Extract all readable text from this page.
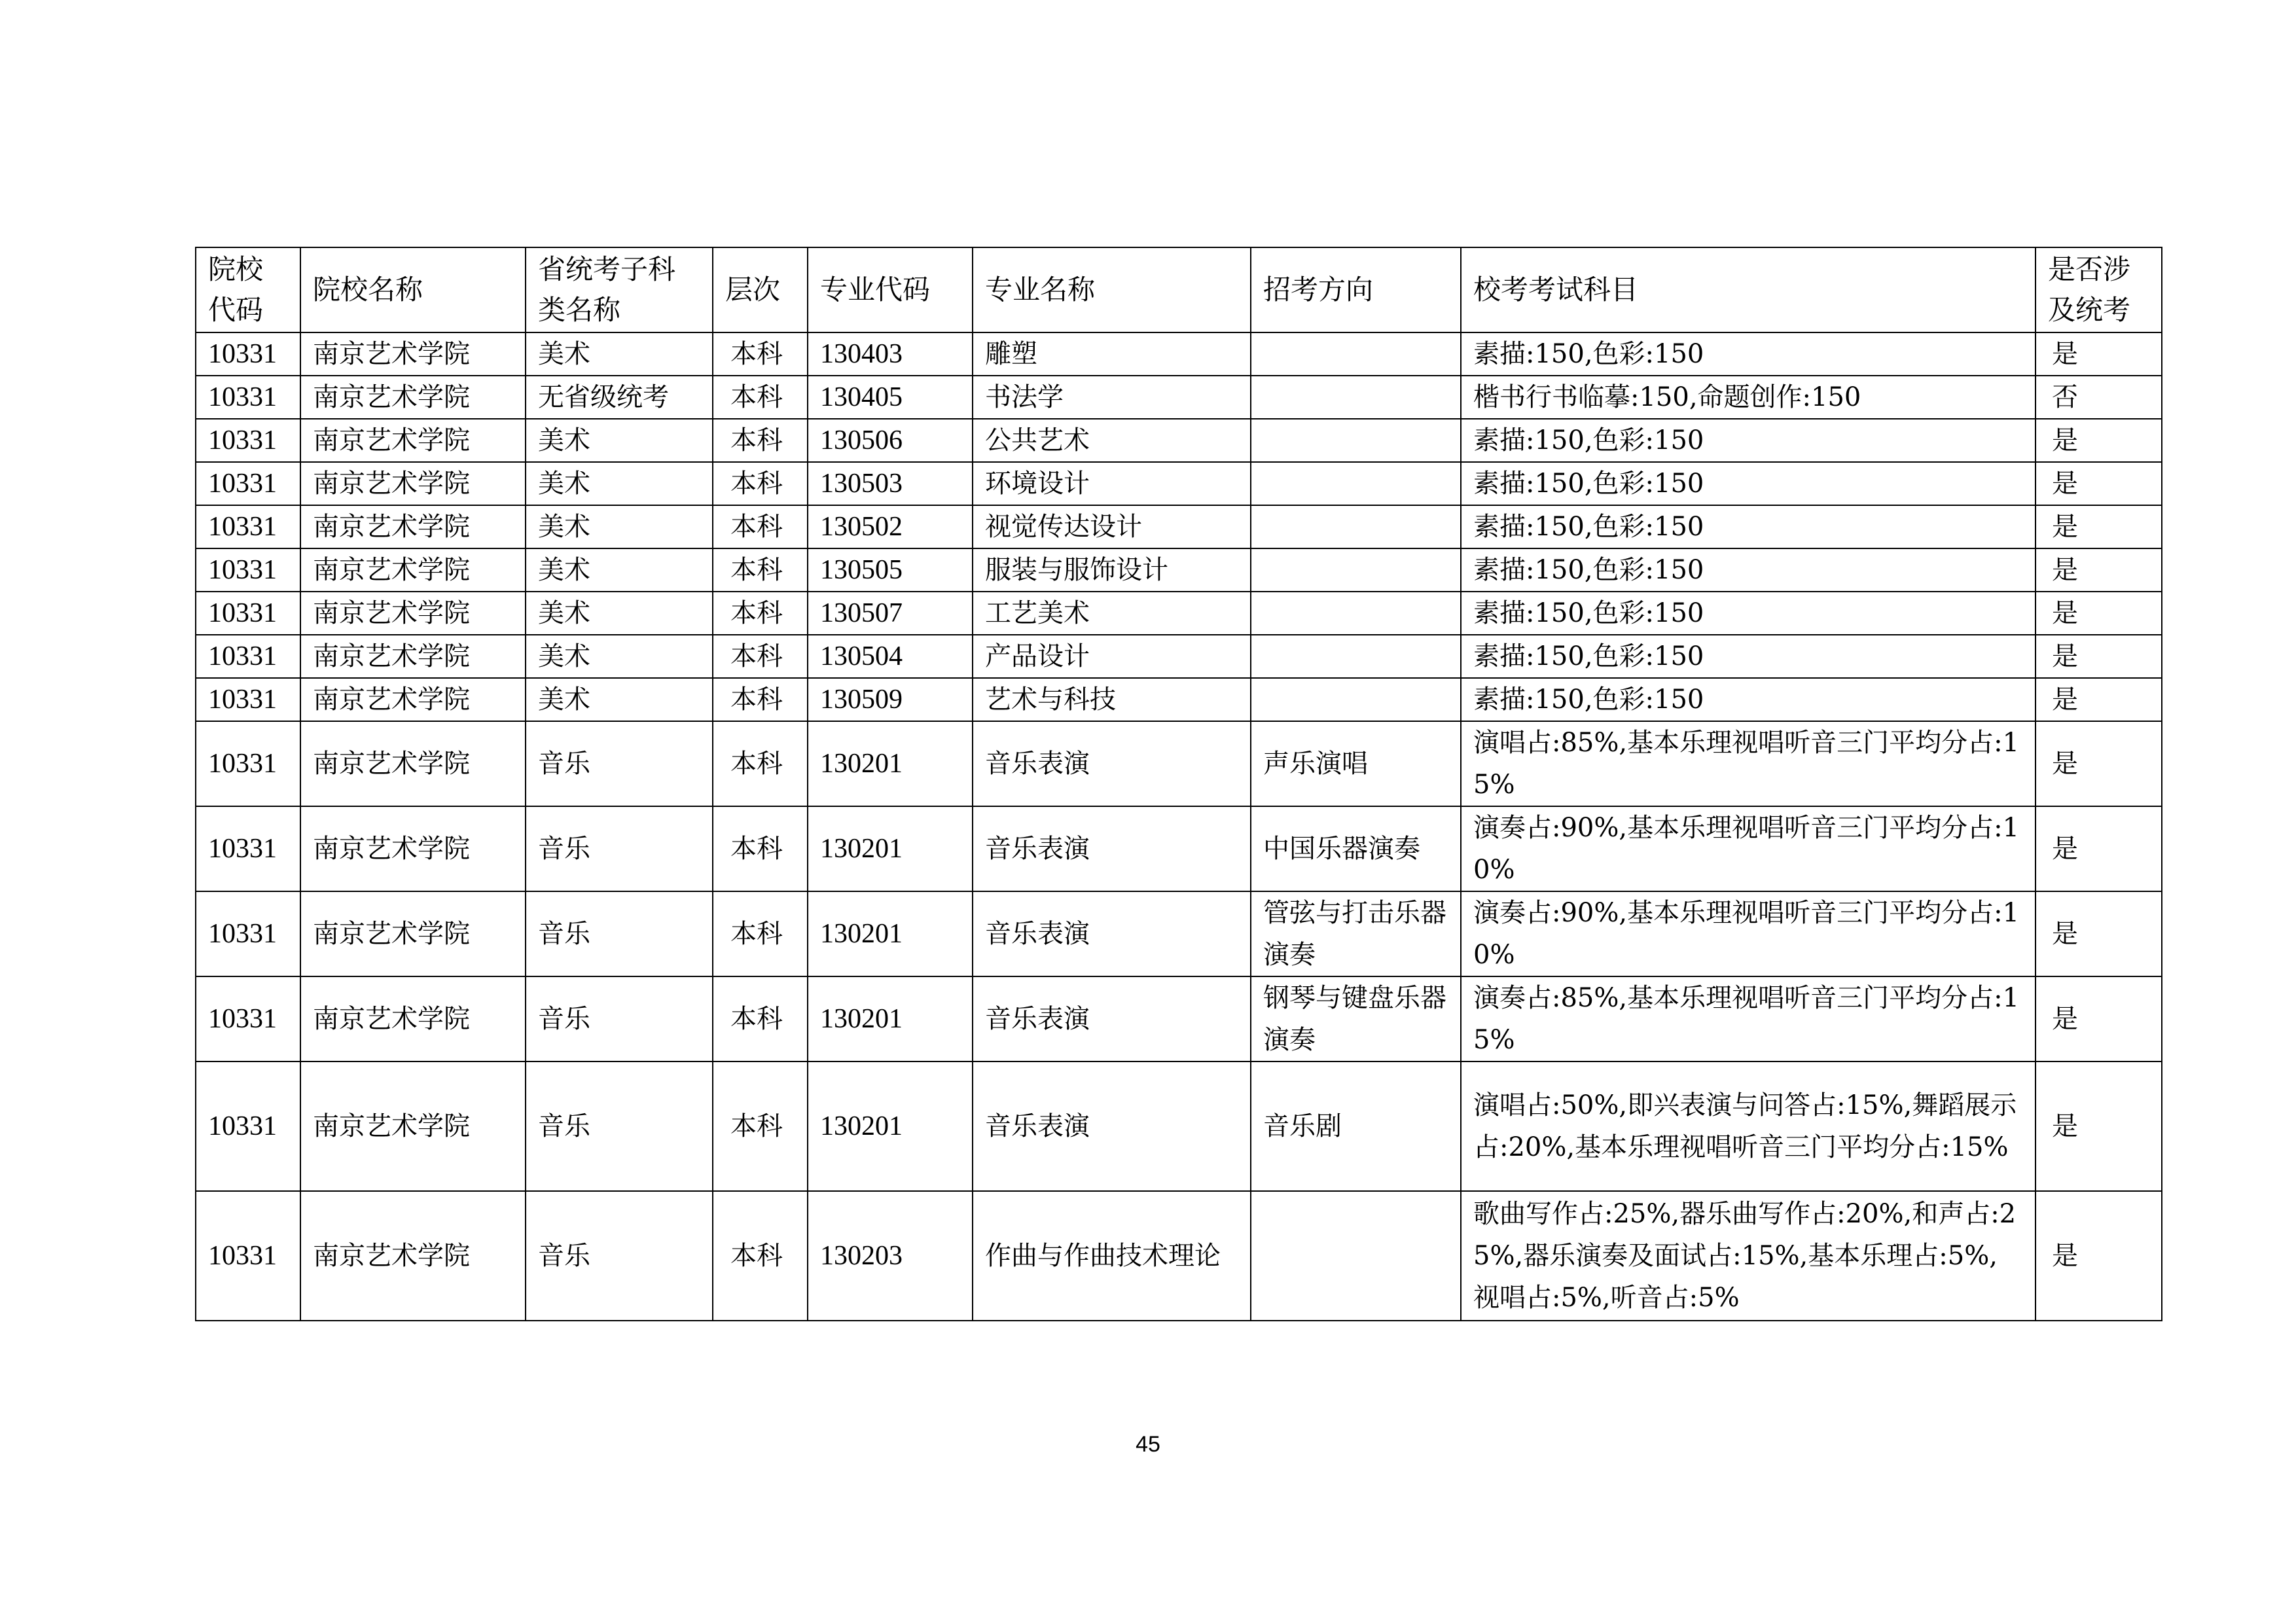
院校代码	院校名称	省统考子科类名称	层次	专业代码	专业名称	招考方向	校考考试科目	是否涉及统考
10331	南京艺术学院	美术	本科	130403	雕塑		素描:150,色彩:150	是
10331	南京艺术学院	无省级统考	本科	130405	书法学		楷书行书临摹:150,命题创作:150	否
10331	南京艺术学院	美术	本科	130506	公共艺术		素描:150,色彩:150	是
10331	南京艺术学院	美术	本科	130503	环境设计		素描:150,色彩:150	是
10331	南京艺术学院	美术	本科	130502	视觉传达设计		素描:150,色彩:150	是
10331	南京艺术学院	美术	本科	130505	服装与服饰设计		素描:150,色彩:150	是
10331	南京艺术学院	美术	本科	130507	工艺美术		素描:150,色彩:150	是
10331	南京艺术学院	美术	本科	130504	产品设计		素描:150,色彩:150	是
10331	南京艺术学院	美术	本科	130509	艺术与科技		素描:150,色彩:150	是
10331	南京艺术学院	音乐	本科	130201	音乐表演	声乐演唱	演唱占:85%,基本乐理视唱听音三门平均分占:15%	是
10331	南京艺术学院	音乐	本科	130201	音乐表演	中国乐器演奏	演奏占:90%,基本乐理视唱听音三门平均分占:10%	是
10331	南京艺术学院	音乐	本科	130201	音乐表演	管弦与打击乐器演奏	演奏占:90%,基本乐理视唱听音三门平均分占:10%	是
10331	南京艺术学院	音乐	本科	130201	音乐表演	钢琴与键盘乐器演奏	演奏占:85%,基本乐理视唱听音三门平均分占:15%	是
10331	南京艺术学院	音乐	本科	130201	音乐表演	音乐剧	演唱占:50%,即兴表演与问答占:15%,舞蹈展示占:20%,基本乐理视唱听音三门平均分占:15%	是
10331	南京艺术学院	音乐	本科	130203	作曲与作曲技术理论		歌曲写作占:25%,器乐曲写作占:20%,和声占:25%,器乐演奏及面试占:15%,基本乐理占:5%,视唱占:5%,听音占:5%	是
45
